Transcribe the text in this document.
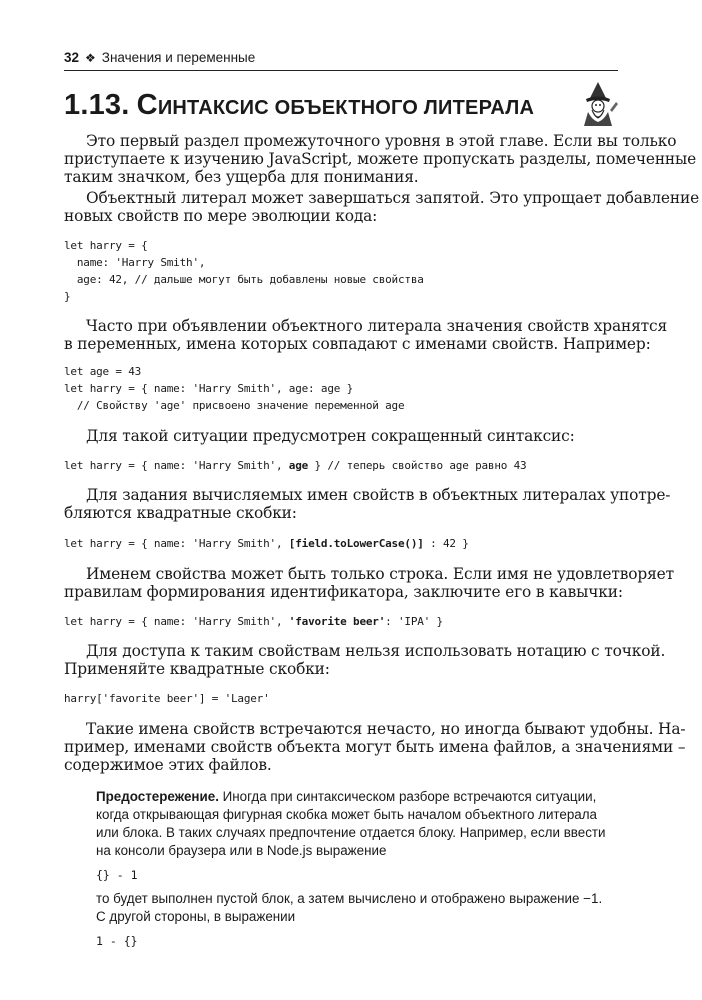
32 ❖ Значения и переменные
1.13. СИНТАКСИС ОБЪЕКТНОГО ЛИТЕРАЛА

Это первый раздел промежуточного уровня в этой главе. Если вы только
приступаете к изучению JavaScript, можете пропускать разделы, помеченные
таким значком, без ущерба для понимания.

Объектный литерал может завершаться запятой. Это упрощает добавление
новых свойств по мере эволюции кода:

let harry = {
name: 'Harry Smith',
age: 42, // дальше могут быть добавлены новые свойства
}

Часто при объявлении объектного литерала значения свойств хранятся
в переменных, имена которых совпадают с именами свойств. Например:

let age = 43
let harry = { name: 'Harry Smith', age: age }
// Свойству 'age' присвоено значение переменной age

Для такой ситуации предусмотрен сокращенный синтаксис:

let harry = { name: 'Harry Smith', age } // теперь свойство age равно 43

Для задания вычисляемых имен свойств в объектных литералах употре-
бляются квадратные скобки:

let harry = { name: 'Harry Smith', [field.toLowerCase()] : 42 }

Именем свойства может быть только строка. Если имя не удовлетворяет
правилам формирования идентификатора, заключите его в кавычки:

let harry = { name: 'Harry Smith', 'favorite beer': 'IPA' }

Для доступа к таким свойствам нельзя использовать нотацию с точкой.
Применяйте квадратные скобки:

harry['favorite beer'] = 'Lager'

Такие имена свойств встречаются нечасто, но иногда бывают удобны. На-
пример, именами свойств объекта могут быть имена файлов, а значениями –
содержимое этих файлов.

Предостережение. Иногда при синтаксическом разборе встречаются ситуации,
когда открывающая фигурная скобка может быть началом объектного литерала
или блока. В таких случаях предпочтение отдается блоку. Например, если ввести
на консоли браузера или в Node.js выражение
{} - 1
то будет выполнен пустой блок, а затем вычислено и отображено выражение −1.
С другой стороны, в выражении
1 - {}
